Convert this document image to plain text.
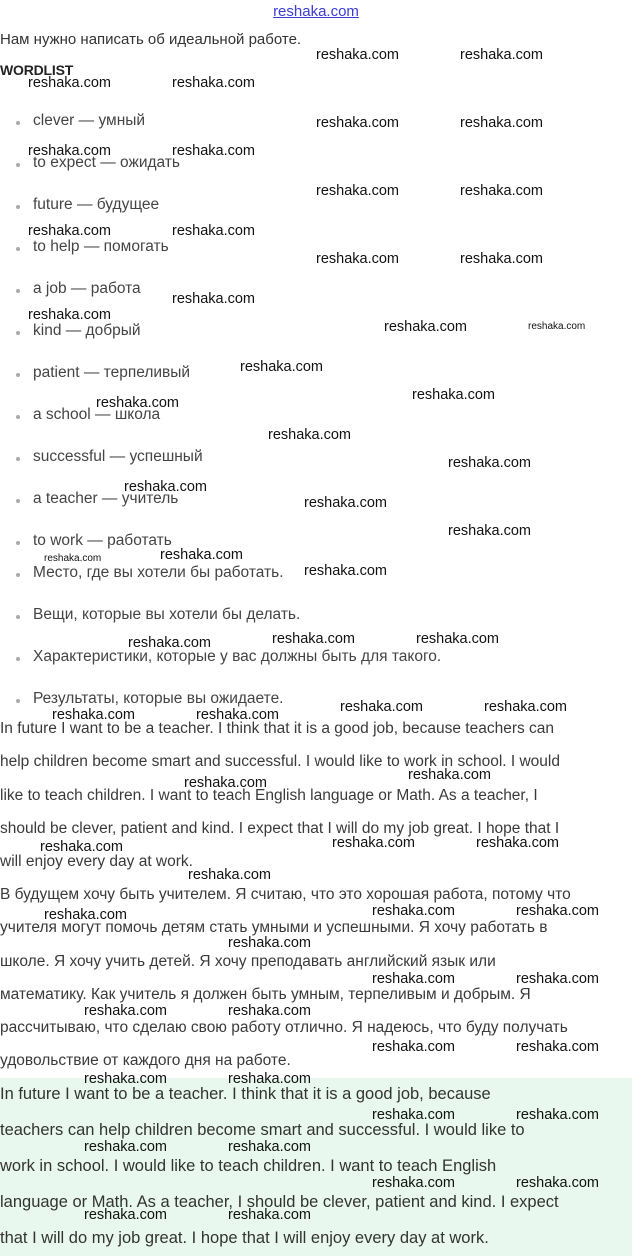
reshaka.com
Нам нужно написать об идеальной работе.
WORDLIST
clever — умный
to expect — ожидать
future — будущее
to help — помогать
a job — работа
kind — добрый
patient — терпеливый
a school — школа
successful — успешный
a teacher — учитель
to work — работать
Место, где вы хотели бы работать.
Вещи, которые вы хотели бы делать.
Характеристики, которые у вас должны быть для такого.
Результаты, которые вы ожидаете.
In future I want to be a teacher. I think that it is a good job, because teachers can
help children become smart and successful. I would like to work in school. I would
like to teach children. I want to teach English language or Math. As a teacher, I
should be clever, patient and kind. I expect that I will do my job great. I hope that I
will enjoy every day at work.
В будущем хочу быть учителем. Я считаю, что это хорошая работа, потому что
учителя могут помочь детям стать умными и успешными. Я хочу работать в
школе. Я хочу учить детей. Я хочу преподавать английский язык или
математику. Как учитель я должен быть умным, терпеливым и добрым. Я
рассчитываю, что сделаю свою работу отлично. Я надеюсь, что буду получать
удовольствие от каждого дня на работе.
In future I want to be a teacher. I think that it is a good job, because
teachers can help children become smart and successful. I would like to
work in school. I would like to teach children. I want to teach English
language or Math. As a teacher, I should be clever, patient and kind. I expect
that I will do my job great. I hope that I will enjoy every day at work.
reshaka.com	reshaka.com
reshaka.com	reshaka.com
reshaka.com	reshaka.com
reshaka.com	reshaka.com
reshaka.com	reshaka.com
reshaka.com	reshaka.com
reshaka.com	reshaka.com
reshaka.com
reshaka.com
reshaka.com	reshaka.com
reshaka.com
reshaka.com
reshaka.com
reshaka.com
reshaka.com
reshaka.com
reshaka.com
reshaka.com
reshaka.com
reshaka.com
reshaka.com
reshaka.com	reshaka.com	reshaka.com
reshaka.com	reshaka.com
reshaka.com	reshaka.com
reshaka.com
reshaka.com
reshaka.com	reshaka.com
reshaka.com
reshaka.com
reshaka.com	reshaka.com
reshaka.com
reshaka.com
reshaka.com	reshaka.com
reshaka.com	reshaka.com
reshaka.com	reshaka.com
reshaka.com	reshaka.com
reshaka.com	reshaka.com
reshaka.com	reshaka.com
reshaka.com	reshaka.com
reshaka.com	reshaka.com
